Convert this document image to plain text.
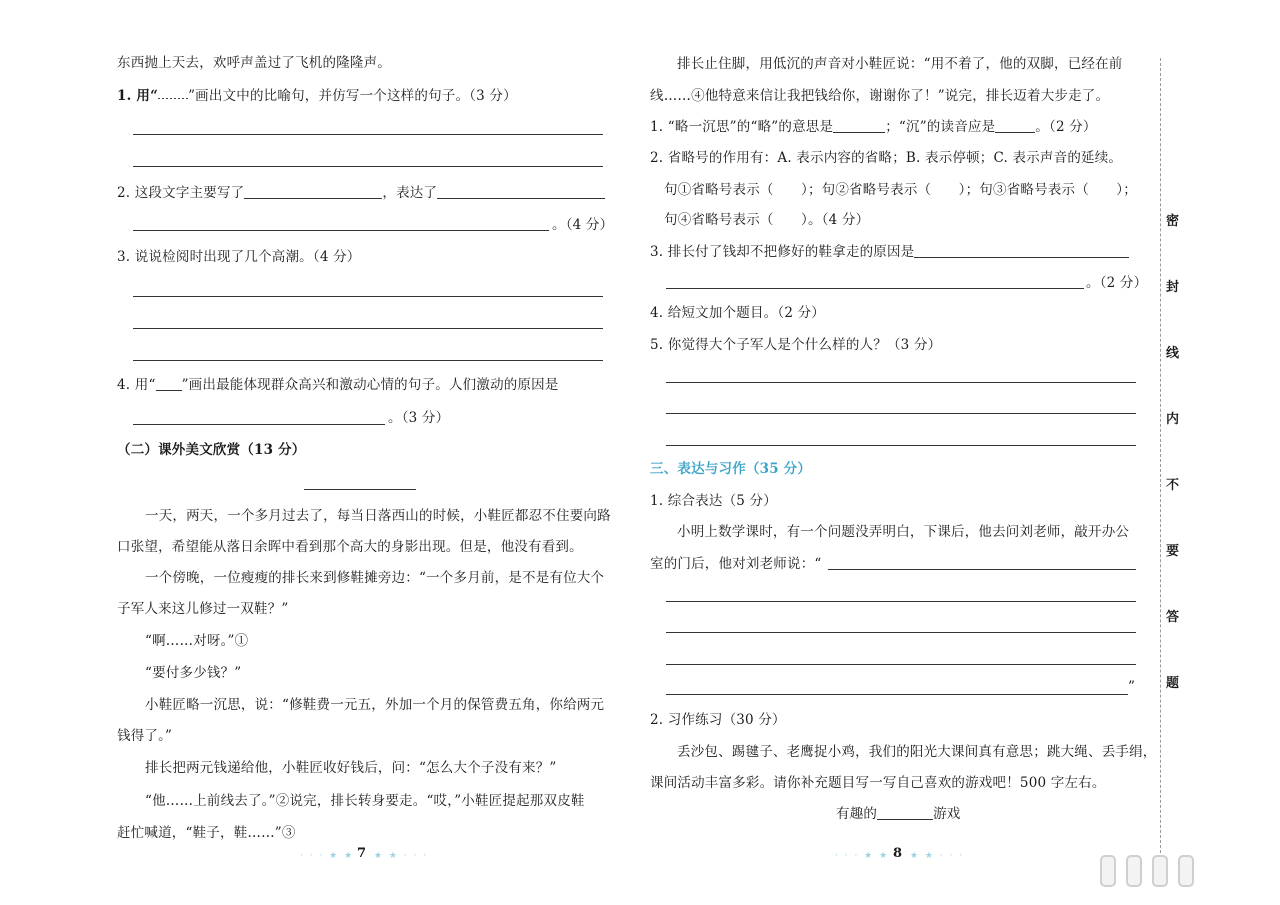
东西抛上天去，欢呼声盖过了飞机的隆隆声。
1. 用“ ”画出文中的比喻句，并仿写一个这样的句子。（3 分）
2. 这段文字主要写了	，表达了
。（4 分）
3. 说说检阅时出现了几个高潮。（4 分）
4. 用“ ”画出最能体现群众高兴和激动心情的句子。人们激动的原因是
。（3 分）
（二）课外美文欣赏（13 分）
一天，两天，一个多月过去了，每当日落西山的时候，小鞋匠都忍不住要向路
口张望，希望能从落日余晖中看到那个高大的身影出现。但是，他没有看到。
一个傍晚，一位瘦瘦的排长来到修鞋摊旁边：“一个多月前，是不是有位大个
子军人来这儿修过一双鞋？”
“啊……对呀。”①
“要付多少钱？”
小鞋匠略一沉思，说：“修鞋费一元五，外加一个月的保管费五角，你给两元
钱得了。”
排长把两元钱递给他，小鞋匠收好钱后，问：“怎么大个子没有来？”
“他……上前线去了。”②说完，排长转身要走。“哎，”小鞋匠提起那双皮鞋
赶忙喊道，“鞋子，鞋……”③
· · · ★ ★ 7 ★ ★ · · ·
排长止住脚，用低沉的声音对小鞋匠说：“用不着了，他的双脚，已经在前
线……④他特意来信让我把钱给你，谢谢你了！”说完，排长迈着大步走了。
1. “略一沉思”的“略”的意思是	；“沉”的读音应是	。（2 分）
2. 省略号的作用有：A. 表示内容的省略；B. 表示停顿；C. 表示声音的延续。
句①省略号表示（　　）；句②省略号表示（　　）；句③省略号表示（　　）；
句④省略号表示（　　）。（4 分）
3. 排长付了钱却不把修好的鞋拿走的原因是
。（2 分）
4. 给短文加个题目。（2 分）
5. 你觉得大个子军人是个什么样的人？（3 分）
三、表达与习作（35 分）
1. 综合表达（5 分）
小明上数学课时，有一个问题没弄明白，下课后，他去问刘老师，敲开办公
室的门后，他对刘老师说：“
”
2. 习作练习（30 分）
丢沙包、踢毽子、老鹰捉小鸡，我们的阳光大课间真有意思；跳大绳、丢手绢，
课间活动丰富多彩。请你补充题目写一写自己喜欢的游戏吧！500 字左右。
有趣的	游戏
· · · ★ ★ 8 ★ ★ · · ·
密
封
线
内
不
要
答
题
